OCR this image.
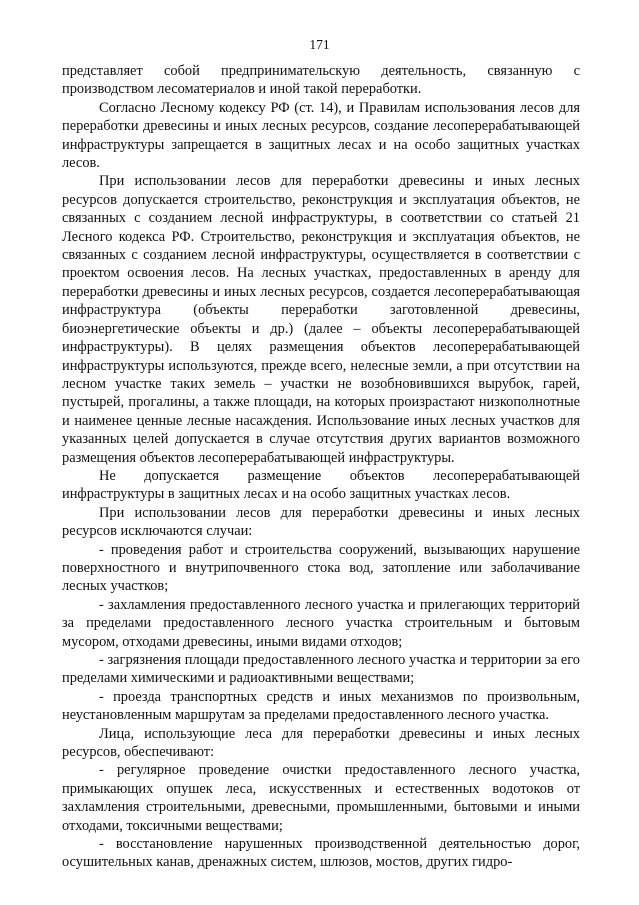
171

представляет собой предпринимательскую деятельность, связанную с производством лесоматериалов и иной такой переработки.

Согласно Лесному кодексу РФ (ст. 14), и Правилам использования лесов для переработки древесины и иных лесных ресурсов, создание лесоперерабатывающей инфраструктуры запрещается в защитных лесах и на особо защитных участках лесов.

При использовании лесов для переработки древесины и иных лесных ресурсов допускается строительство, реконструкция и эксплуатация объектов, не связанных с созданием лесной инфраструктуры, в соответствии со статьей 21 Лесного кодекса РФ. Строительство, реконструкция и эксплуатация объектов, не связанных с созданием лесной инфраструктуры, осуществляется в соответствии с проектом освоения лесов. На лесных участках, предоставленных в аренду для переработки древесины и иных лесных ресурсов, создается лесоперерабатывающая инфраструктура (объекты переработки заготовленной древесины, биоэнергетические объекты и др.) (далее – объекты лесоперерабатывающей инфраструктуры). В целях размещения объектов лесоперерабатывающей инфраструктуры используются, прежде всего, нелесные земли, а при отсутствии на лесном участке таких земель – участки не возобновившихся вырубок, гарей, пустырей, прогалины, а также площади, на которых произрастают низкополнотные и наименее ценные лесные насаждения. Использование иных лесных участков для указанных целей допускается в случае отсутствия других вариантов возможного размещения объектов лесоперерабатывающей инфраструктуры.

Не допускается размещение объектов лесоперерабатывающей инфраструктуры в защитных лесах и на особо защитных участках лесов.

При использовании лесов для переработки древесины и иных лесных ресурсов исключаются случаи:

- проведения работ и строительства сооружений, вызывающих нарушение поверхностного и внутрипочвенного стока вод, затопление или заболачивание лесных участков;

- захламления предоставленного лесного участка и прилегающих территорий за пределами предоставленного лесного участка строительным и бытовым мусором, отходами древесины, иными видами отходов;

- загрязнения площади предоставленного лесного участка и территории за его пределами химическими и радиоактивными веществами;

- проезда транспортных средств и иных механизмов по произвольным, неустановленным маршрутам за пределами предоставленного лесного участка.

Лица, использующие леса для переработки древесины и иных лесных ресурсов, обеспечивают:

- регулярное проведение очистки предоставленного лесного участка, примыкающих опушек леса, искусственных и естественных водотоков от захламления строительными, древесными, промышленными, бытовыми и иными отходами, токсичными веществами;

- восстановление нарушенных производственной деятельностью дорог, осушительных канав, дренажных систем, шлюзов, мостов, других гидро-
